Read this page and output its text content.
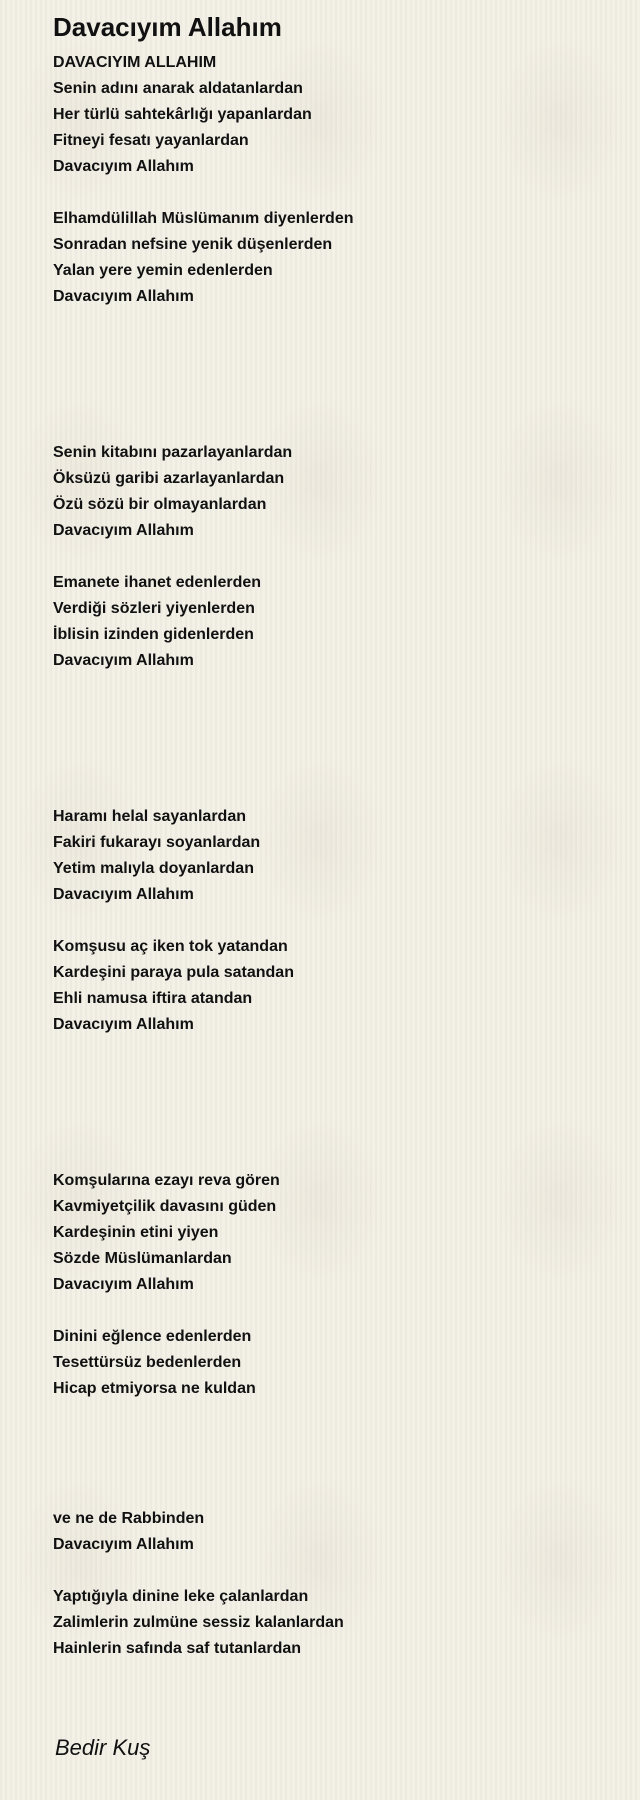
Davacıyım Allahım
DAVACIYIM ALLAHIM
Senin adını anarak aldatanlardan
Her türlü sahtekârlığı yapanlardan
Fitneyi fesatı yayanlardan
Davacıyım Allahım
Elhamdülillah Müslümanım diyenlerden
Sonradan nefsine yenik düşenlerden
Yalan yere yemin edenlerden
Davacıyım Allahım
Senin kitabını pazarlayanlardan
Öksüzü garibi azarlayanlardan
Özü sözü bir olmayanlardan
Davacıyım Allahım
Emanete ihanet edenlerden
Verdiği sözleri yiyenlerden
İblisin izinden gidenlerden
Davacıyım Allahım
Haramı helal sayanlardan
Fakiri fukarayı soyanlardan
Yetim malıyla doyanlardan
Davacıyım Allahım
Komşusu aç iken tok yatandan
Kardeşini paraya pula satandan
Ehli namusa iftira atandan
Davacıyım Allahım
Komşularına ezayı reva gören
Kavmiyetçilik davasını güden
Kardeşinin etini yiyen
Sözde Müslümanlardan
Davacıyım Allahım
Dinini eğlence edenlerden
Tesettürsüz bedenlerden
Hicap etmiyorsa ne kuldan
ve ne de Rabbinden
Davacıyım Allahım
Yaptığıyla dinine leke çalanlardan
Zalimlerin zulmüne sessiz kalanlardan
Hainlerin safında saf tutanlardan
Bedir Kuş
